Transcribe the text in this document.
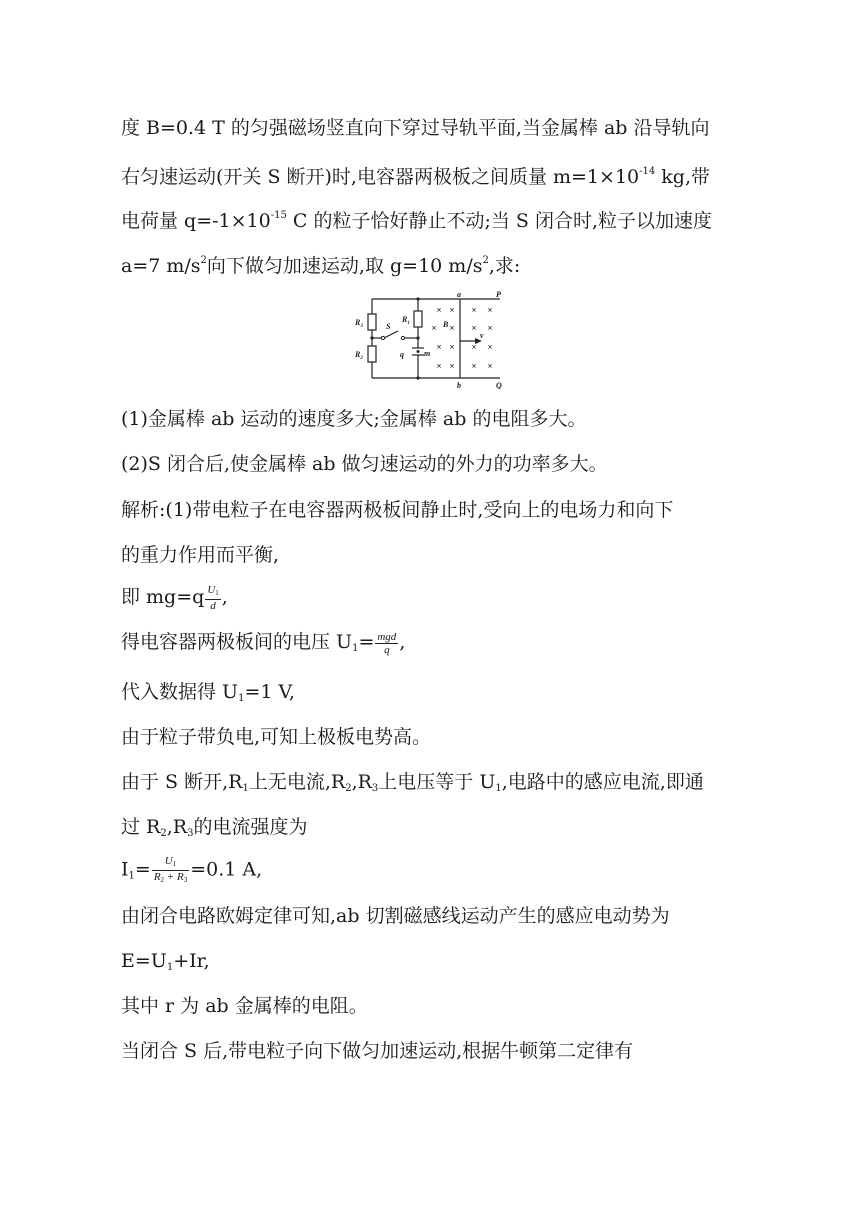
度 B=0.4 T 的匀强磁场竖直向下穿过导轨平面,当金属棒 ab 沿导轨向
右匀速运动(开关 S 断开)时,电容器两极板之间质量 $m=1\times 10^{-14}$ kg,带
电荷量 $q=-1\times 10^{-15}$ C 的粒子恰好静止不动;当 S 闭合时,粒子以加速度
a=7 $m/s^2$向下做匀加速运动,取 g=10 $m/s^2$,求:
× × × ×
× × × ×
× × × ×
× × × ×
a	P
b	Q
$R_3$
$R_2$
$R_1$
S
q	m
B
v
(1)金属棒 ab 运动的速度多大;金属棒 ab 的电阻多大。
(2)S 闭合后,使金属棒 ab 做匀速运动的外力的功率多大。
解析:(1)带电粒子在电容器两极板间静止时,受向上的电场力和向下
的重力作用而平衡,
即 $mg=q \frac{U_1}{d}$ ,
得电容器两极板间的电压 $U_1= \frac{\text{mgd}}{q}$ ,
代入数据得 $U_1=1$ V,
由于粒子带负电,可知上极板电势高。
由于 S 断开$,R_1$上无电流$,R_2,R_3$上电压等于 $U_1$,电路中的感应电流,即通
过 $R_2,R_3$的电流强度为
$I_1= \frac{U_1}{R_2 + R_3} =0.1$ A,
由闭合电路欧姆定律可知,ab 切割磁感线运动产生的感应电动势为
$E=U_1+Ir$,
其中 r 为 ab 金属棒的电阻。
当闭合 S 后,带电粒子向下做匀加速运动,根据牛顿第二定律有
